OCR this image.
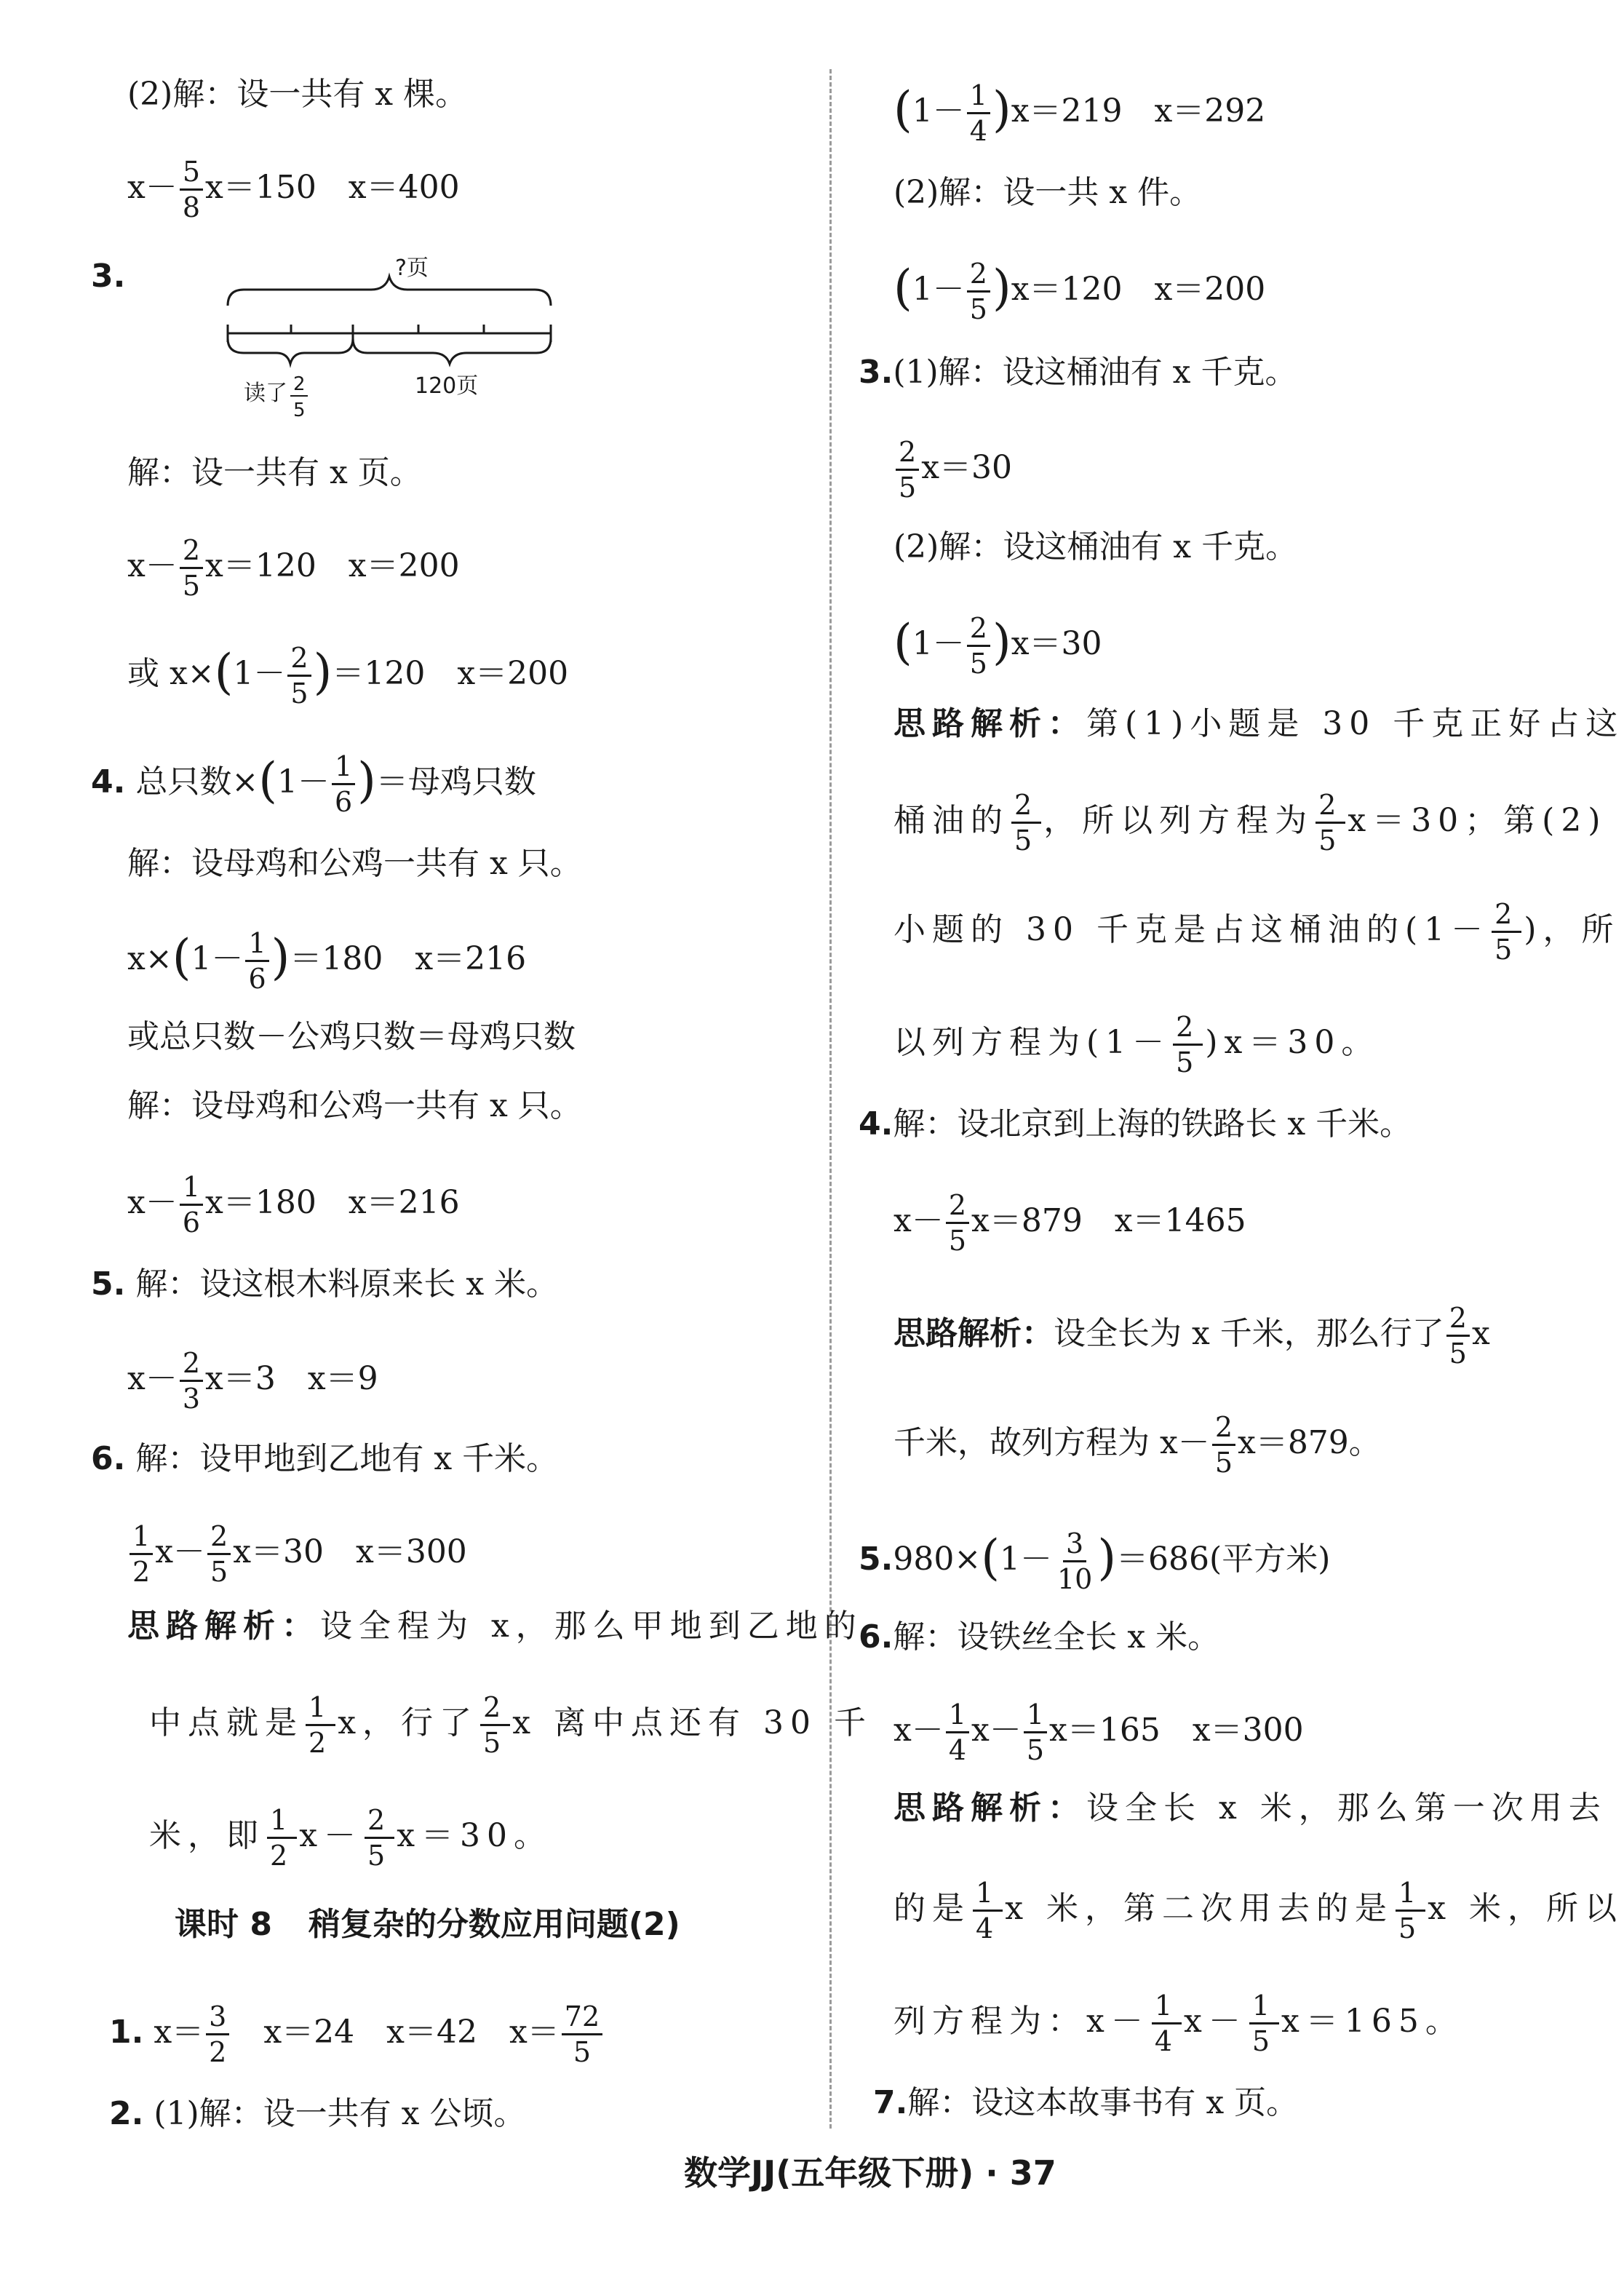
(2)解：设一共有 x 棵。
$x- \frac{5}{8} x=150$　x＝400
3.	?页
读了 2
5
120页
解：设一共有 x 页。
$x- \frac{2}{5} x=120$　x＝200
或 $x\times(1- \frac{2}{5} )=120$　x＝200
4. 总只数$\times(1- \frac{1}{6}$ )＝母鸡只数
解：设母鸡和公鸡一共有 x 只。
$x\times(1- \frac{1}{6} )=180$　x＝216
或总只数－公鸡只数＝母鸡只数
解：设母鸡和公鸡一共有 x 只。
$x- \frac{1}{6} x=180$　x＝216
5. 解：设这根木料原来长 x 米。
$x- \frac{2}{3} x=3$　x＝9
6. 解：设甲地到乙地有 x 千米。
$\frac{1}{2} x- \frac{2}{5} x=30$　x＝300
思路解析：设全程为 x，那么甲地到乙地的
中点就是 $\frac{1}{2}$ x，行了 $\frac{2}{5}$ x 离中点还有 30 千
米，即 $\frac{1}{2} x- \frac{2}{5} x=30$。
课时 8 稍复杂的分数应用问题(2)
1. $x= \frac{3}{2}$ 　x＝24　x＝42　$x= \frac{72}{5}$
2. (1)解：设一共有 x 公顷。
$(1- \frac{1}{4} )x=219$　x＝292
(2)解：设一共 x 件。
$(1- \frac{2}{5} )x=120$　x＝200
3.(1)解：设这桶油有 x 千克。
$\frac{2}{5} x=30$
(2)解：设这桶油有 x 千克。
$(1- \frac{2}{5} )x=30$
思路解析：第(1)小题是 30 千克正好占这
桶油的 $\frac{2}{5}$ ，所以列方程为 $\frac{2}{5} x=30$；第(2)
小题的 30 千克是占这桶油的($1- \frac{2}{5}$ )，所
以列方程为$(1- \frac{2}{5} )x=30$。
4.解：设北京到上海的铁路长 x 千米。
$x- \frac{2}{5} x=879$　x＝1465
思路解析：设全长为 x 千米，那么行了 $\frac{2}{5}$ x
千米，故列方程为 $x- \frac{2}{5} x=879$。
$5.980\times(1- \frac{3}{10} )=686$(平方米)
6.解：设铁丝全长 x 米。
$x- \frac{1}{4} x- \frac{1}{5} x=165$　x＝300
思路解析：设全长 x 米，那么第一次用去
的是 $\frac{1}{4}$ x 米，第二次用去的是 $\frac{1}{5}$ x 米，所以
列方程为：$x- \frac{1}{4} x- \frac{1}{5} x=165$。
7.解：设这本故事书有 x 页。
数学JJ(五年级下册) · 37
